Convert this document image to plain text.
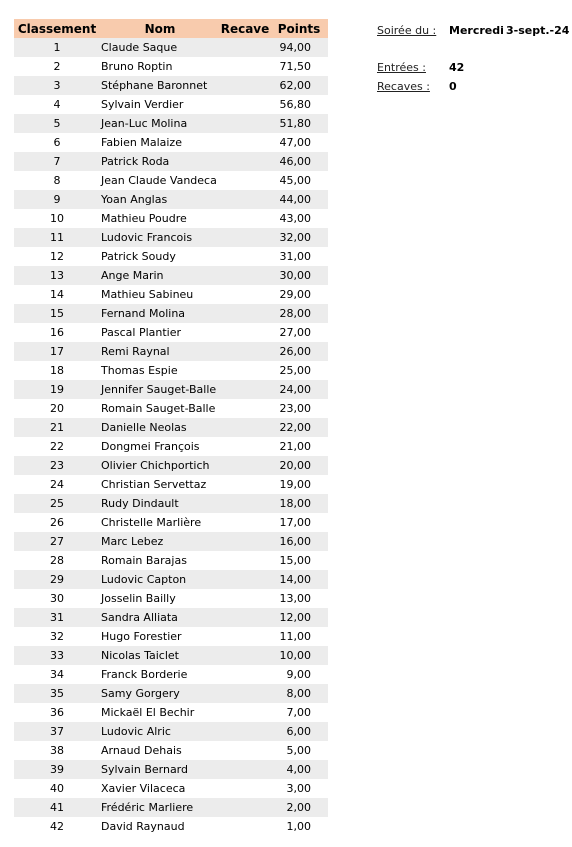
Classement	Nom	Recave	Points
1	Claude Saque		94,00
2	Bruno Roptin		71,50
3	Stéphane Baronnet		62,00
4	Sylvain Verdier		56,80
5	Jean-Luc Molina		51,80
6	Fabien Malaize		47,00
7	Patrick Roda		46,00
8	Jean Claude Vandeca		45,00
9	Yoan Anglas		44,00
10	Mathieu Poudre		43,00
11	Ludovic Francois		32,00
12	Patrick Soudy		31,00
13	Ange Marin		30,00
14	Mathieu Sabineu		29,00
15	Fernand Molina		28,00
16	Pascal Plantier		27,00
17	Remi Raynal		26,00
18	Thomas Espie		25,00
19	Jennifer Sauget-Balle		24,00
20	Romain Sauget-Balle		23,00
21	Danielle Neolas		22,00
22	Dongmei François		21,00
23	Olivier Chichportich		20,00
24	Christian Servettaz		19,00
25	Rudy Dindault		18,00
26	Christelle Marlière		17,00
27	Marc Lebez		16,00
28	Romain Barajas		15,00
29	Ludovic Capton		14,00
30	Josselin Bailly		13,00
31	Sandra Alliata		12,00
32	Hugo Forestier		11,00
33	Nicolas Taiclet		10,00
34	Franck Borderie		9,00
35	Samy Gorgery		8,00
36	Mickaël El Bechir		7,00
37	Ludovic Alric		6,00
38	Arnaud Dehais		5,00
39	Sylvain Bernard		4,00
40	Xavier Vilaceca		3,00
41	Frédéric Marliere		2,00
42	David Raynaud		1,00
Soirée du : Mercredi 3-sept.-24
Entrées : 42
Recaves : 0
